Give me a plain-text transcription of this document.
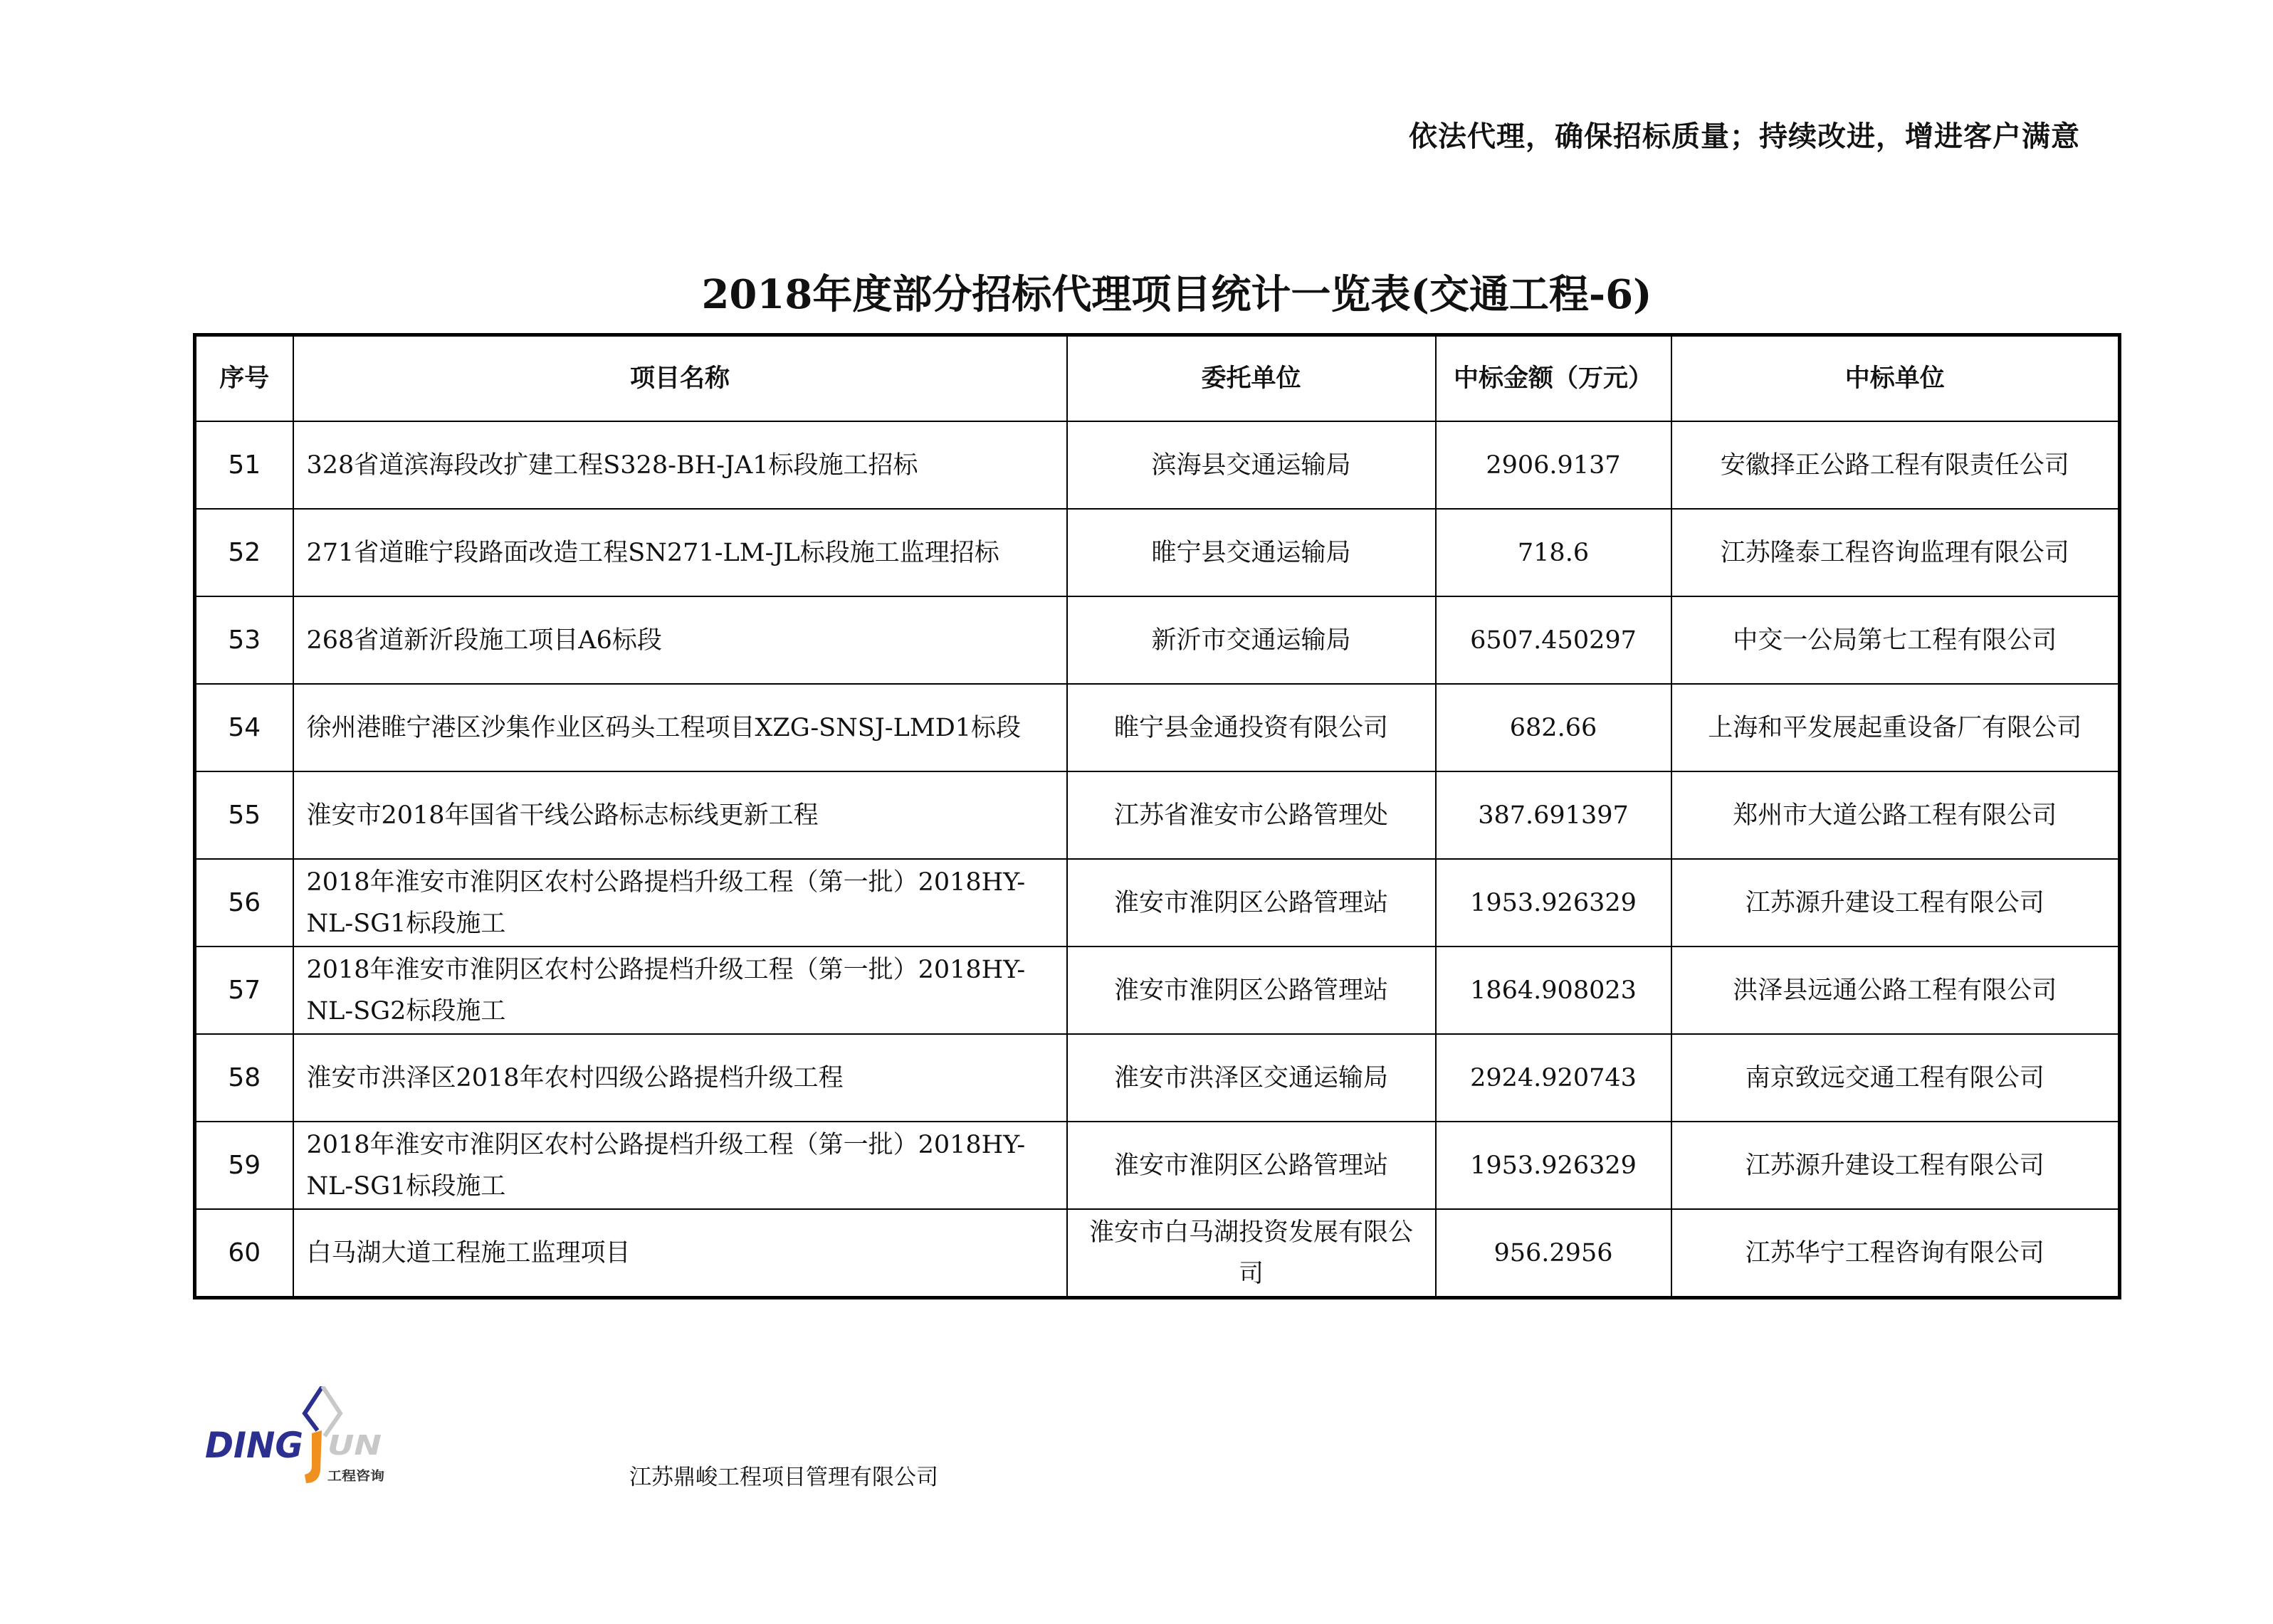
依法代理，确保招标质量；持续改进，增进客户满意
2018年度部分招标代理项目统计一览表(交通工程-6)
序号	项目名称	委托单位	中标金额（万元）	中标单位
51	328省道滨海段改扩建工程S328-BH-JA1标段施工招标	滨海县交通运输局	2906.9137	安徽择正公路工程有限责任公司
52	271省道睢宁段路面改造工程SN271-LM-JL标段施工监理招标	睢宁县交通运输局	718.6	江苏隆泰工程咨询监理有限公司
53	268省道新沂段施工项目A6标段	新沂市交通运输局	6507.450297	中交一公局第七工程有限公司
54	徐州港睢宁港区沙集作业区码头工程项目XZG-SNSJ-LMD1标段	睢宁县金通投资有限公司	682.66	上海和平发展起重设备厂有限公司
55	淮安市2018年国省干线公路标志标线更新工程	江苏省淮安市公路管理处	387.691397	郑州市大道公路工程有限公司
56	2018年淮安市淮阴区农村公路提档升级工程（第一批）2018HY-NL-SG1标段施工	淮安市淮阴区公路管理站	1953.926329	江苏源升建设工程有限公司
57	2018年淮安市淮阴区农村公路提档升级工程（第一批）2018HY-NL-SG2标段施工	淮安市淮阴区公路管理站	1864.908023	洪泽县远通公路工程有限公司
58	淮安市洪泽区2018年农村四级公路提档升级工程	淮安市洪泽区交通运输局	2924.920743	南京致远交通工程有限公司
59	2018年淮安市淮阴区农村公路提档升级工程（第一批）2018HY-NL-SG1标段施工	淮安市淮阴区公路管理站	1953.926329	江苏源升建设工程有限公司
60	白马湖大道工程施工监理项目	淮安市白马湖投资发展有限公司	956.2956	江苏华宁工程咨询有限公司
DING UN
工程咨询	江苏鼎峻工程项目管理有限公司
